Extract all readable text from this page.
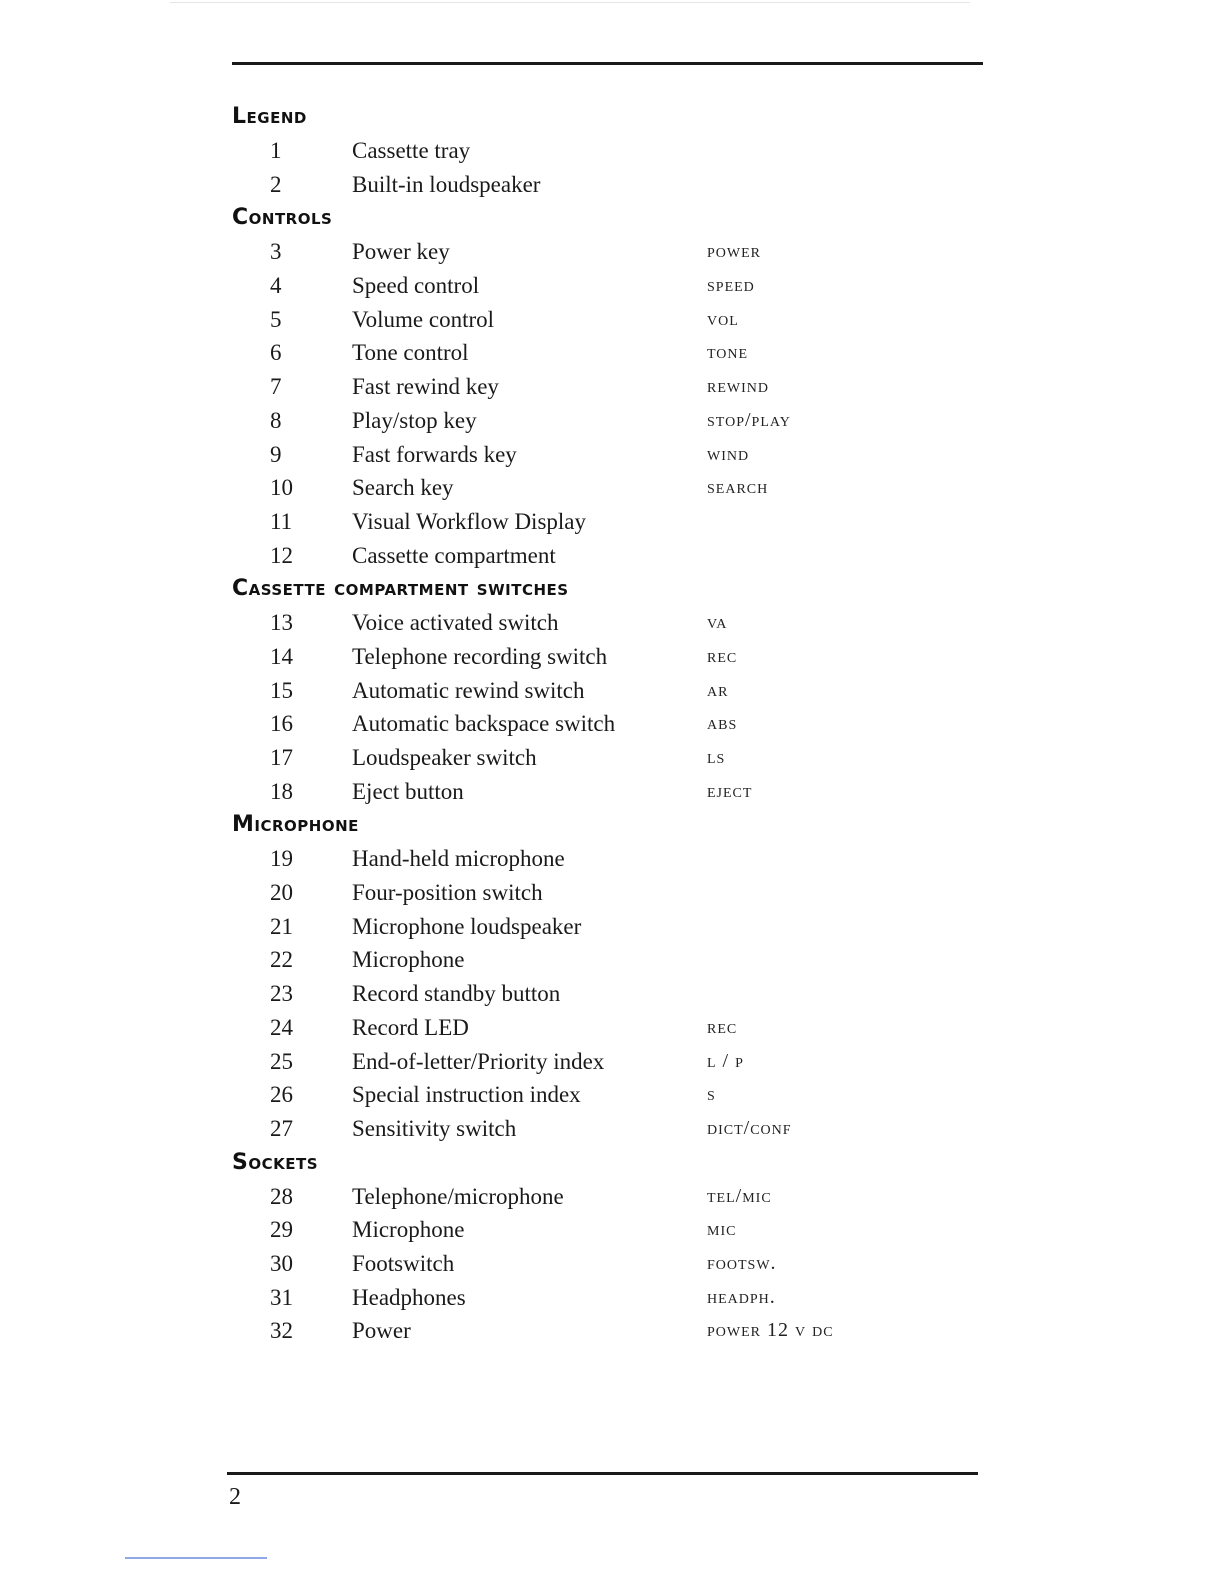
Legend
1	Cassette tray
2	Built-in loudspeaker
Controls
3	Power key	power
4	Speed control	speed
5	Volume control	vol
6	Tone control	tone
7	Fast rewind key	rewind
8	Play/stop key	stop/play
9	Fast forwards key	wind
10	Search key	search
11	Visual Workflow Display
12	Cassette compartment
Cassette compartment switches
13	Voice activated switch	va
14	Telephone recording switch	rec
15	Automatic rewind switch	ar
16	Automatic backspace switch	abs
17	Loudspeaker switch	ls
18	Eject button	eject
Microphone
19	Hand-held microphone
20	Four-position switch
21	Microphone loudspeaker
22	Microphone
23	Record standby button
24	Record LED	rec
25	End-of-letter/Priority index	l / p
26	Special instruction index	s
27	Sensitivity switch	dict/conf
Sockets
28	Telephone/microphone	tel/mic
29	Microphone	mic
30	Footswitch	footsw.
31	Headphones	headph.
32	Power	power 12 v dc
2
